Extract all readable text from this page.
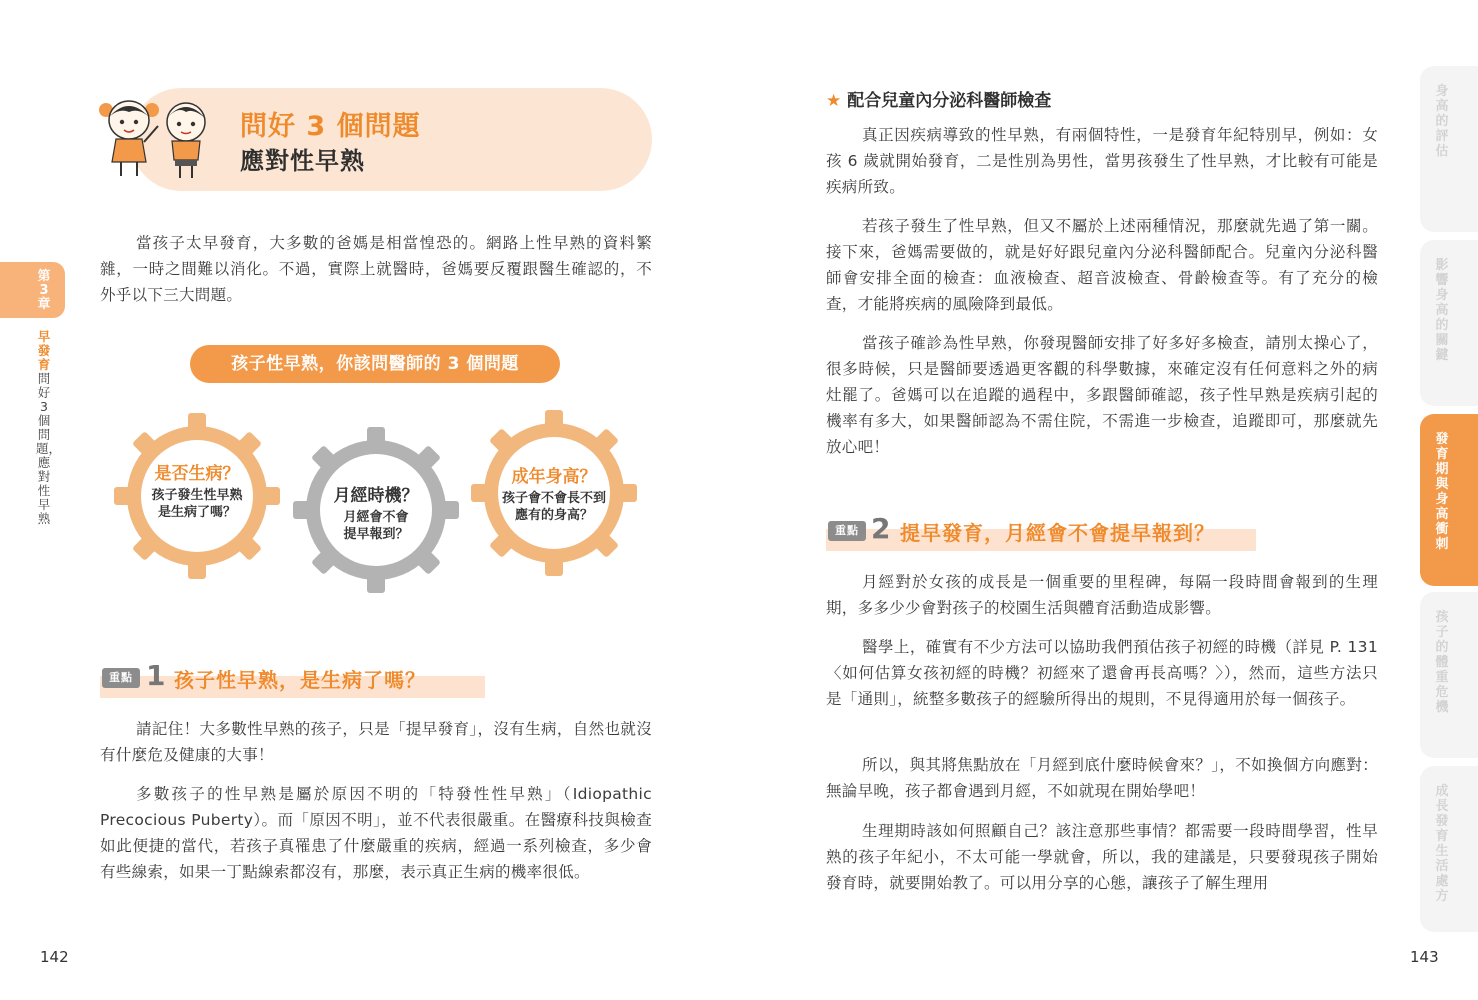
第3章
早發育問好3個問題，應對性早熟
問好 3 個問題
應對性早熟

當孩子太早發育，大多數的爸媽是相當惶恐的。網路上性早熟的資料繁雜，一時之間難以消化。不過，實際上就醫時，爸媽要反覆跟醫生確認的，不外乎以下三大問題。

孩子性早熟，你該問醫師的 3 個問題
是否生病？
孩子發生性早熟
是生病了嗎？
月經時機？
月經會不會
提早報到？
成年身高？
孩子會不會長不到
應有的身高？
重點 1 孩子性早熟，是生病了嗎？

請記住！大多數性早熟的孩子，只是「提早發育」，沒有生病，自然也就沒有什麼危及健康的大事！

多數孩子的性早熟是屬於原因不明的「特發性性早熟」（Idiopathic Precocious Puberty）。而「原因不明」，並不代表很嚴重。在醫療科技與檢查如此便捷的當代，若孩子真罹患了什麼嚴重的疾病，經過一系列檢查，多少會有些線索，如果一丁點線索都沒有，那麼，表示真正生病的機率很低。

142
★ 配合兒童內分泌科醫師檢查

真正因疾病導致的性早熟，有兩個特性，一是發育年紀特別早，例如：女孩 6 歲就開始發育，二是性別為男性，當男孩發生了性早熟，才比較有可能是疾病所致。

若孩子發生了性早熟，但又不屬於上述兩種情況，那麼就先過了第一關。接下來，爸媽需要做的，就是好好跟兒童內分泌科醫師配合。兒童內分泌科醫師會安排全面的檢查：血液檢查、超音波檢查、骨齡檢查等。有了充分的檢查，才能將疾病的風險降到最低。

當孩子確診為性早熟，你發現醫師安排了好多好多檢查，請別太操心了，很多時候，只是醫師要透過更客觀的科學數據，來確定沒有任何意料之外的病灶罷了。爸媽可以在追蹤的過程中，多跟醫師確認，孩子性早熟是疾病引起的機率有多大，如果醫師認為不需住院，不需進一步檢查，追蹤即可，那麼就先放心吧！

重點 2 提早發育，月經會不會提早報到？

月經對於女孩的成長是一個重要的里程碑，每隔一段時間會報到的生理期，多多少少會對孩子的校園生活與體育活動造成影響。

醫學上，確實有不少方法可以協助我們預估孩子初經的時機（詳見 P. 131〈如何估算女孩初經的時機？初經來了還會再長高嗎？〉），然而，這些方法只是「通則」，統整多數孩子的經驗所得出的規則，不見得適用於每一個孩子。

所以，與其將焦點放在「月經到底什麼時候會來？」，不如換個方向應對：無論早晚，孩子都會遇到月經，不如就現在開始學吧！

生理期時該如何照顧自己？該注意那些事情？都需要一段時間學習，性早熟的孩子年紀小，不太可能一學就會，所以，我的建議是，只要發現孩子開始發育時，就要開始教了。可以用分享的心態，讓孩子了解生理用

143
身高的評估
影響身高的關鍵
發育期與身高衝刺
孩子的體重危機
成長發育生活處方
